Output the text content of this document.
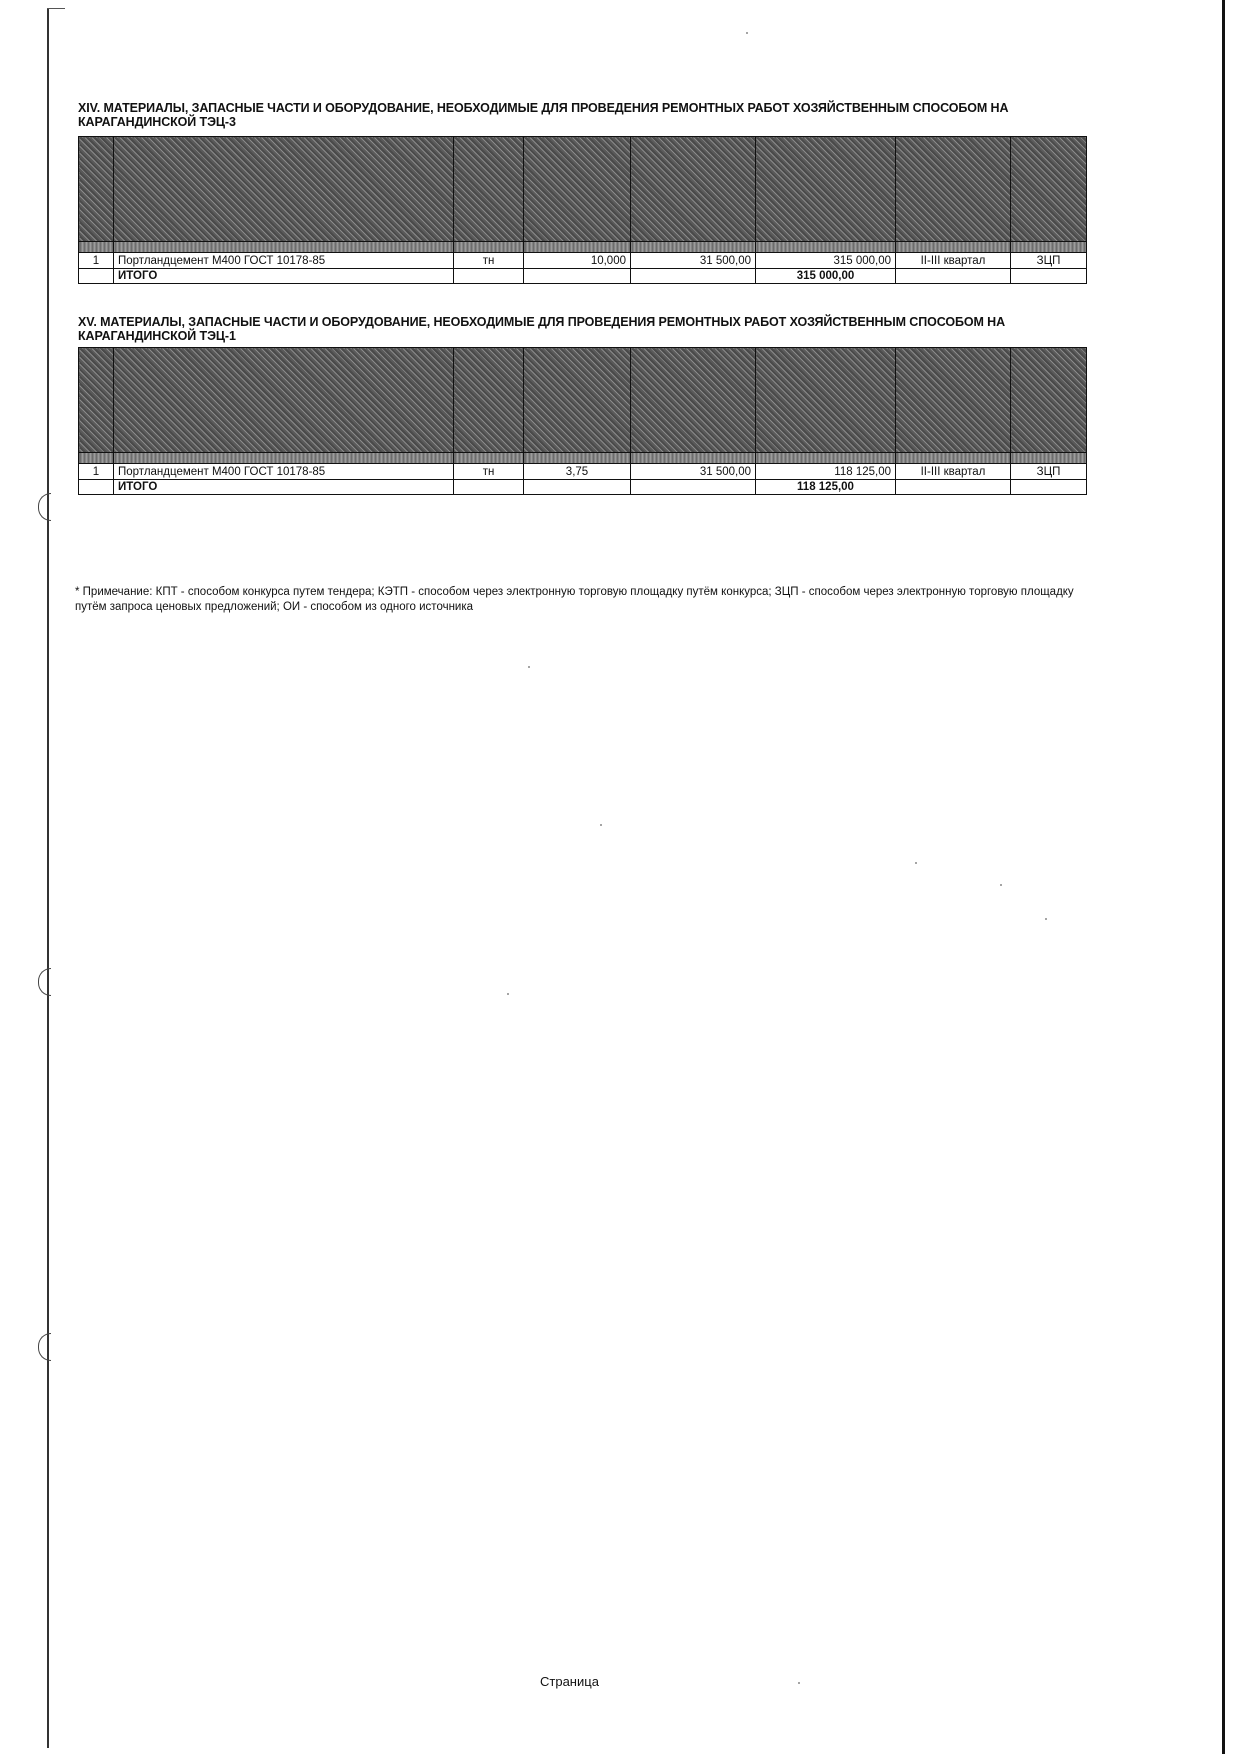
XIV. МАТЕРИАЛЫ, ЗАПАСНЫЕ ЧАСТИ И ОБОРУДОВАНИЕ, НЕОБХОДИМЫЕ ДЛЯ ПРОВЕДЕНИЯ РЕМОНТНЫХ РАБОТ ХОЗЯЙСТВЕННЫМ СПОСОБОМ НА КАРАГАНДИНСКОЙ ТЭЦ-3

1	Портландцемент М400 ГОСТ 10178-85	тн	10,000	31 500,00	315 000,00	II-III квартал	ЗЦП
	ИТОГО				315 000,00		
XV. МАТЕРИАЛЫ, ЗАПАСНЫЕ ЧАСТИ И ОБОРУДОВАНИЕ, НЕОБХОДИМЫЕ ДЛЯ ПРОВЕДЕНИЯ РЕМОНТНЫХ РАБОТ ХОЗЯЙСТВЕННЫМ СПОСОБОМ НА КАРАГАНДИНСКОЙ ТЭЦ-1

1	Портландцемент М400 ГОСТ 10178-85	тн	3,75	31 500,00	118 125,00	II-III квартал	ЗЦП
	ИТОГО				118 125,00		
* Примечание: КПТ - способом конкурса путем тендера; КЭТП - способом через электронную торговую площадку путём конкурса; ЗЦП - способом через электронную торговую площадку путём запроса ценовых предложений; ОИ - способом из одного источника
Страница
